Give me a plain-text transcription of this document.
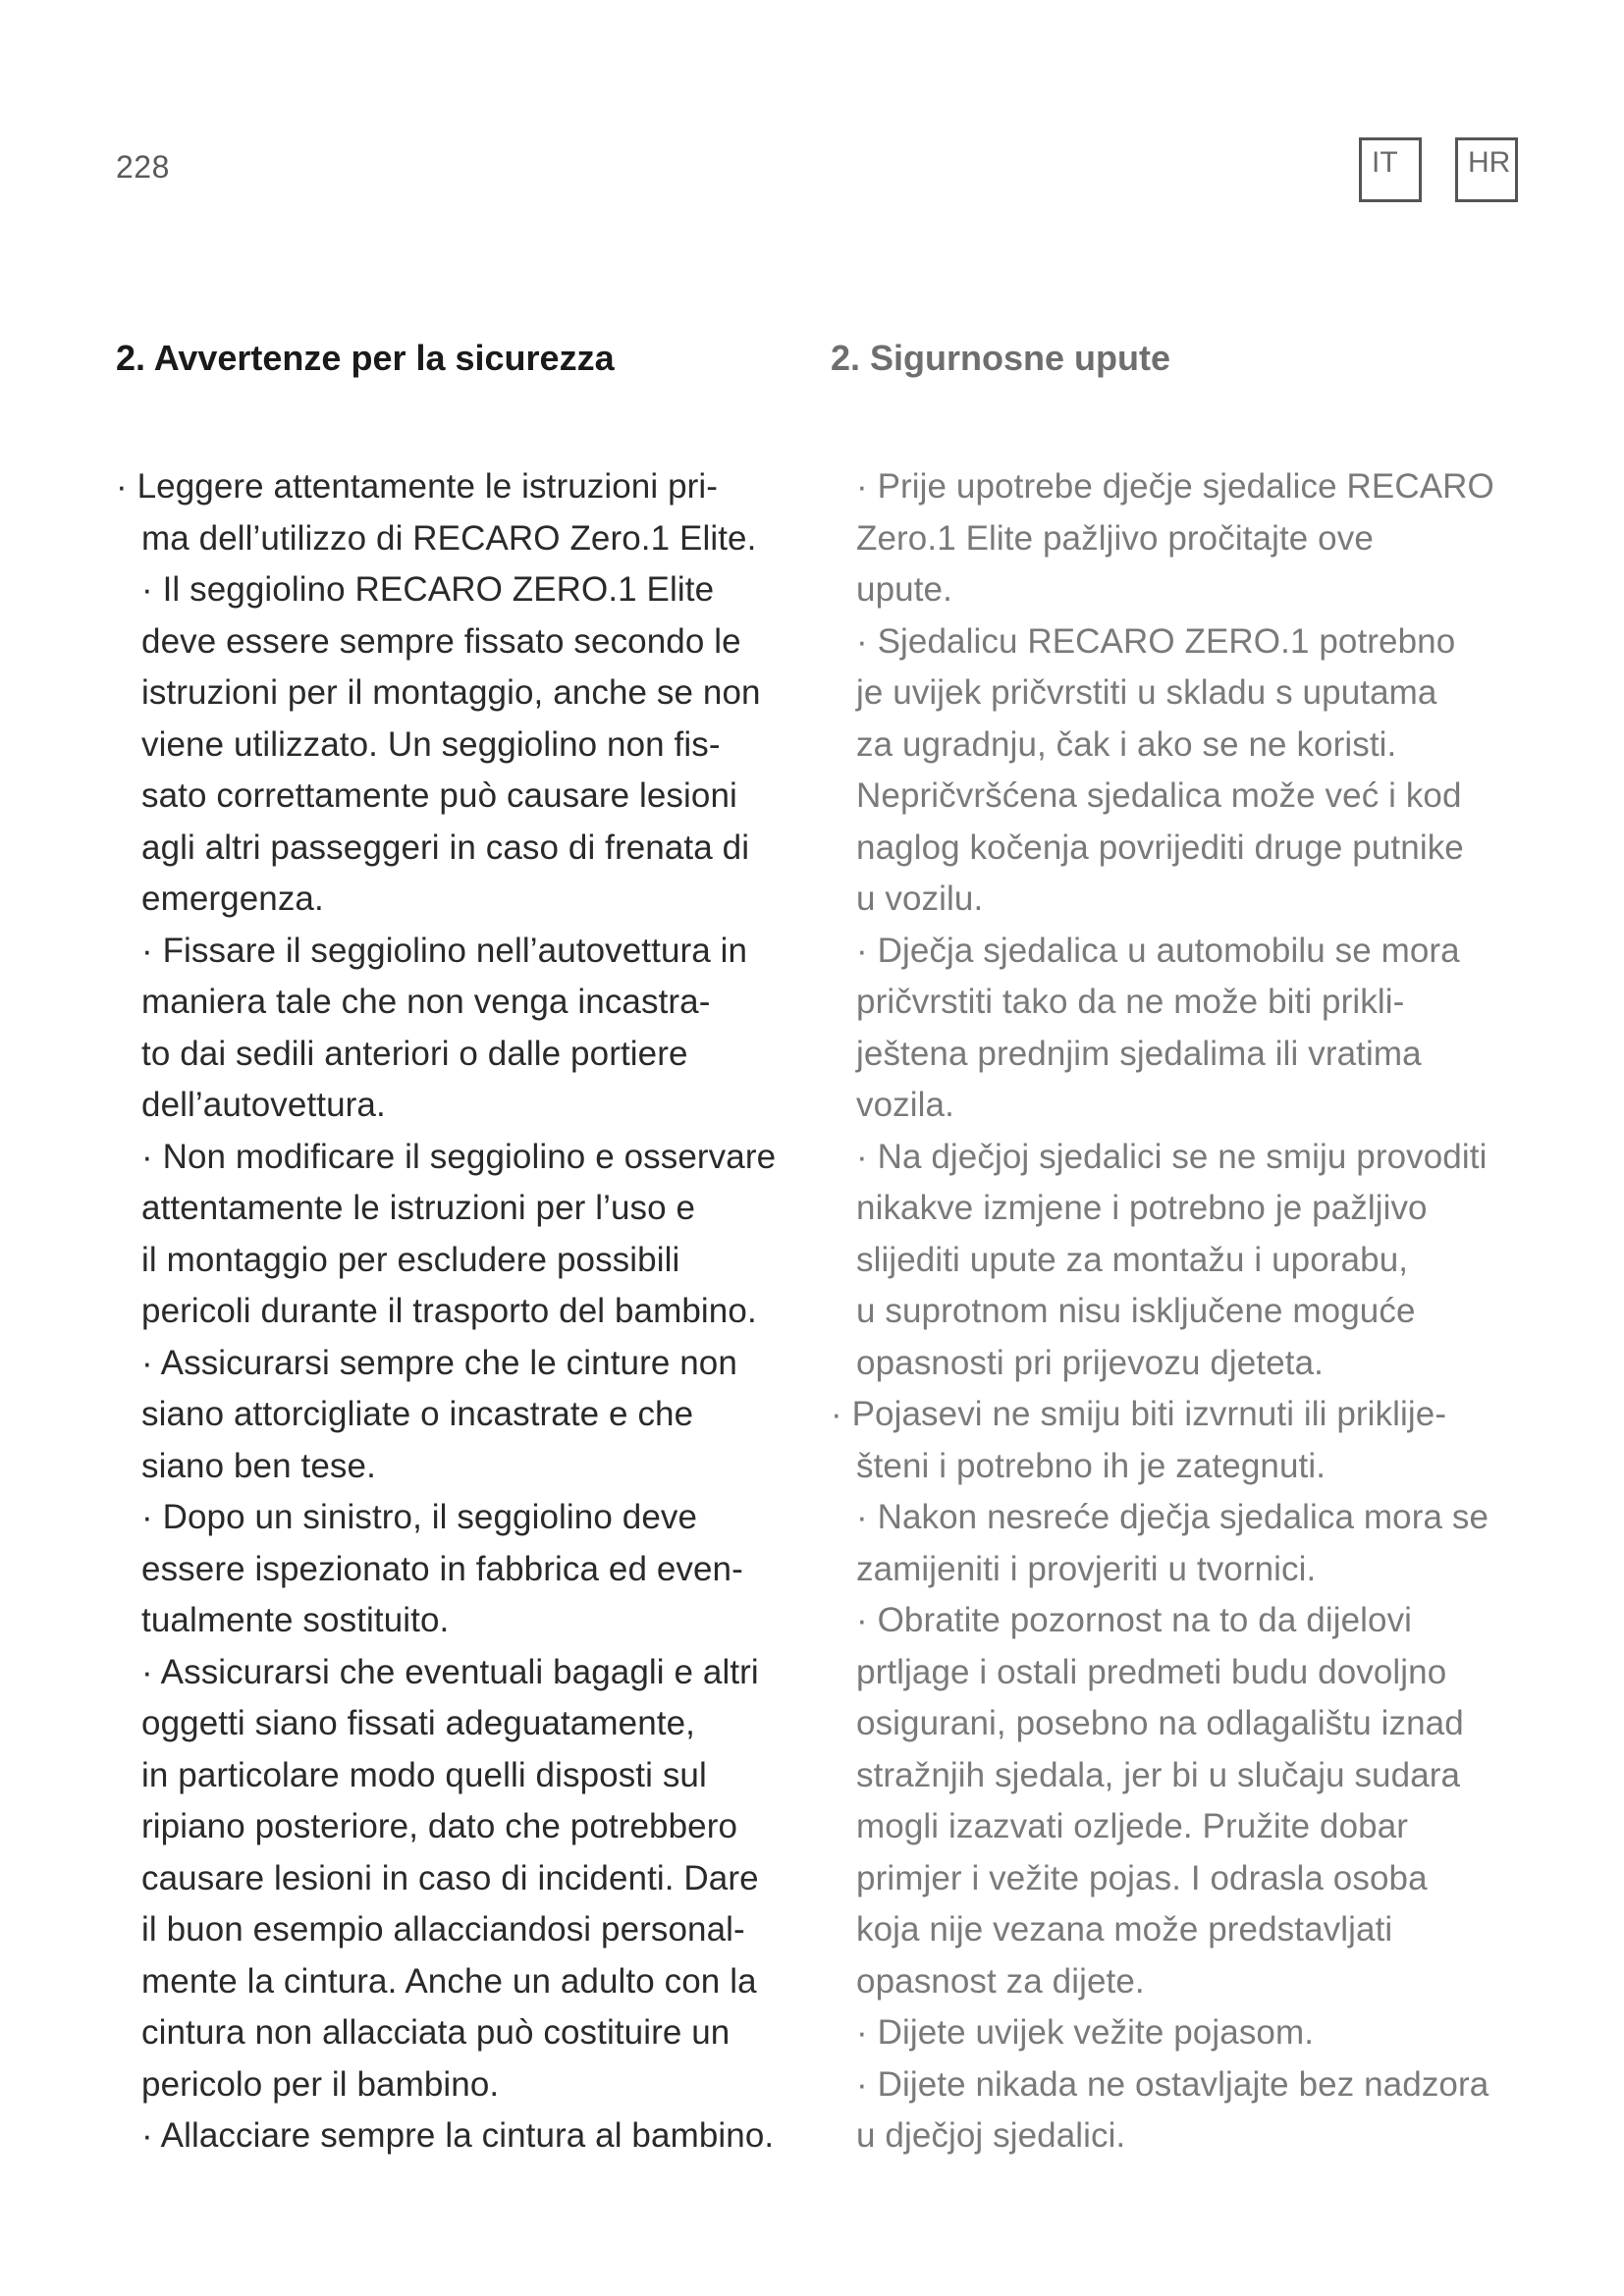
228	IT	HR
2. Avvertenze per la sicurezza
· Leggere attentamente le istruzioni pri-
ma dell’utilizzo di RECARO Zero.1 Elite.
· Il seggiolino RECARO ZERO.1 Elite
deve essere sempre fissato secondo le
istruzioni per il montaggio, anche se non
viene utilizzato. Un seggiolino non fis-
sato correttamente può causare lesioni
agli altri passeggeri in caso di frenata di
emergenza.
· Fissare il seggiolino nell’autovettura in
maniera tale che non venga incastra-
to dai sedili anteriori o dalle portiere
dell’autovettura.
· Non modificare il seggiolino e osservare
attentamente le istruzioni per l’uso e
il montaggio per escludere possibili
pericoli durante il trasporto del bambino.
· Assicurarsi sempre che le cinture non
siano attorcigliate o incastrate e che
siano ben tese.
· Dopo un sinistro, il seggiolino deve
essere ispezionato in fabbrica ed even-
tualmente sostituito.
· Assicurarsi che eventuali bagagli e altri
oggetti siano fissati adeguatamente,
in particolare modo quelli disposti sul
ripiano posteriore, dato che potrebbero
causare lesioni in caso di incidenti. Dare
il buon esempio allacciandosi personal-
mente la cintura. Anche un adulto con la
cintura non allacciata può costituire un
pericolo per il bambino.
· Allacciare sempre la cintura al bambino.
2. Sigurnosne upute
· Prije upotrebe dječje sjedalice RECARO
Zero.1 Elite pažljivo pročitajte ove
upute.
· Sjedalicu RECARO ZERO.1 potrebno
je uvijek pričvrstiti u skladu s uputama
za ugradnju, čak i ako se ne koristi.
Nepričvršćena sjedalica može već i kod
naglog kočenja povrijediti druge putnike
u vozilu.
· Dječja sjedalica u automobilu se mora
pričvrstiti tako da ne može biti prikli-
ještena prednjim sjedalima ili vratima
vozila.
· Na dječjoj sjedalici se ne smiju provoditi
nikakve izmjene i potrebno je pažljivo
slijediti upute za montažu i uporabu,
u suprotnom nisu isključene moguće
opasnosti pri prijevozu djeteta.
· Pojasevi ne smiju biti izvrnuti ili priklije-
šteni i potrebno ih je zategnuti.
· Nakon nesreće dječja sjedalica mora se
zamijeniti i provjeriti u tvornici.
· Obratite pozornost na to da dijelovi
prtljage i ostali predmeti budu dovoljno
osigurani, posebno na odlagalištu iznad
stražnjih sjedala, jer bi u slučaju sudara
mogli izazvati ozljede. Pružite dobar
primjer i vežite pojas. I odrasla osoba
koja nije vezana može predstavljati
opasnost za dijete.
· Dijete uvijek vežite pojasom.
· Dijete nikada ne ostavljajte bez nadzora
u dječjoj sjedalici.
